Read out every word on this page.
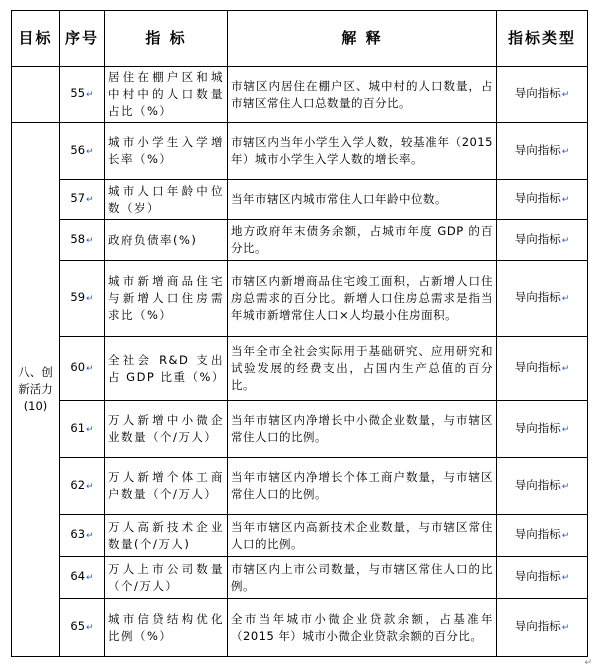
目标	序号	指 标	解 释	指标类型
	55↵	居住在棚户区和城中村中的人口数量占比（%）	市辖区内居住在棚户区、城中村的人口数量，占市辖区常住人口总数量的百分比。	导向指标↵
八、创新活力(10)	56↵	城市小学生入学增长率（%）	市辖区内当年小学生入学人数，较基准年（2015 年）城市小学生入学人数的增长率。	导向指标↵
	57↵	城市人口年龄中位数（岁）	当年市辖区内城市常住人口年龄中位数。	导向指标↵
	58↵	政府负债率(%)	地方政府年末债务余额，占城市年度 GDP 的百分比。	导向指标↵
	59↵	城市新增商品住宅与新增人口住房需求比（%）	市辖区内新增商品住宅竣工面积，占新增人口住房总需求的百分比。新增人口住房总需求是指当年城市新增常住人口×人均最小住房面积。	导向指标↵
	60↵	全社会 R&D 支出占 GDP 比重（%）	当年全市全社会实际用于基础研究、应用研究和试验发展的经费支出，占国内生产总值的百分比。	导向指标↵
	61↵	万人新增中小微企业数量（个/万人）	当年市辖区内净增长中小微企业数量，与市辖区常住人口的比例。	导向指标↵
	62↵	万人新增个体工商户数量（个/万人）	当年市辖区内净增长个体工商户数量，与市辖区常住人口的比例。	导向指标↵
	63↵	万人高新技术企业数量(个/万人)	当年市辖区内高新技术企业数量，与市辖区常住人口的比例。	导向指标↵
	64↵	万人上市公司数量（个/万人）	市辖区内上市公司数量，与市辖区常住人口的比例。	导向指标↵
	65↵	城市信贷结构优化比例（%）	全市当年城市小微企业贷款余额，占基准年（2015 年）城市小微企业贷款余额的百分比。	导向指标↵
↵
